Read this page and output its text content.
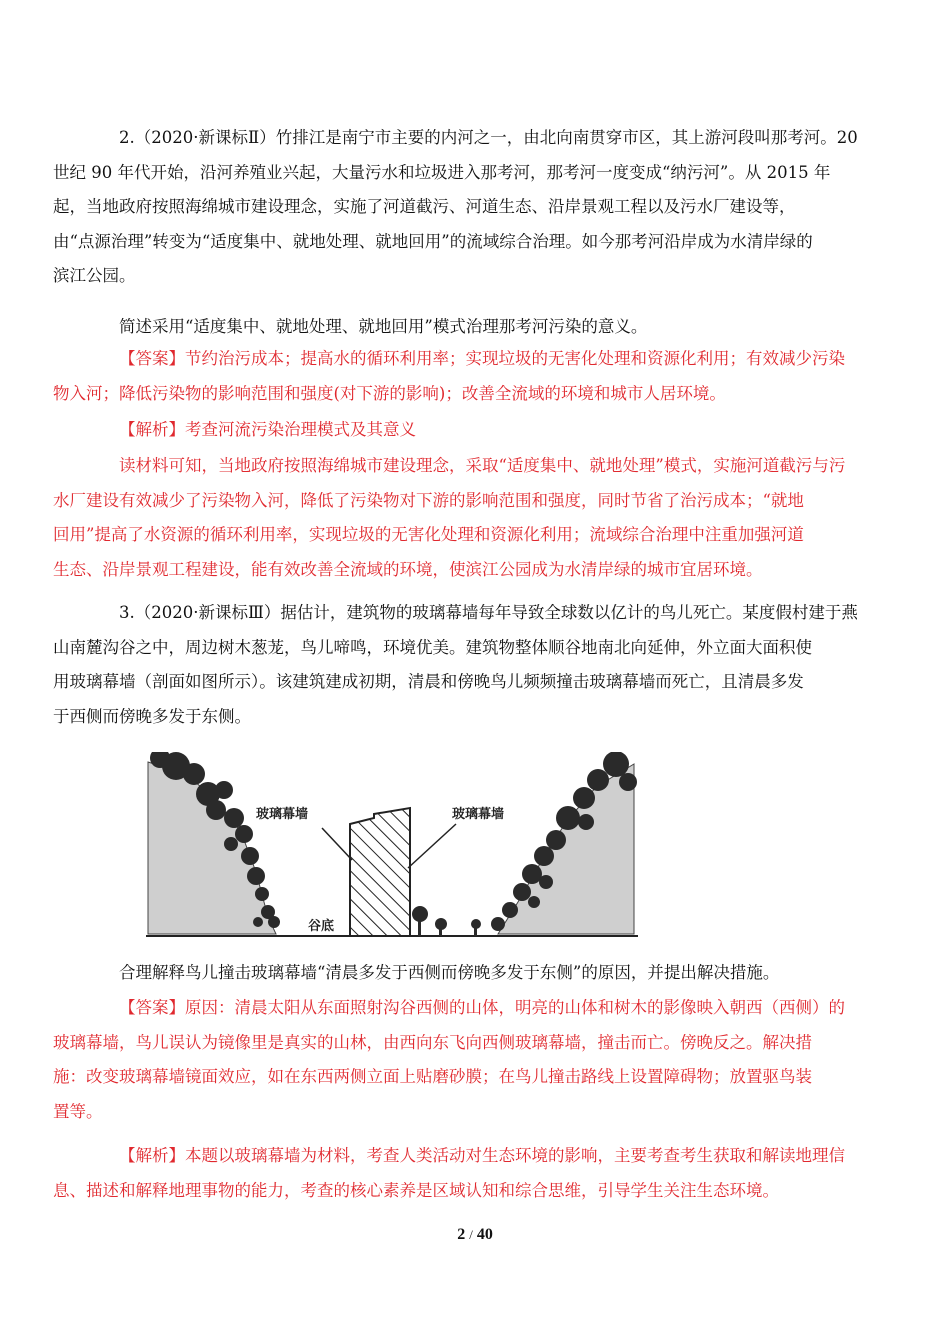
2.（2020·新课标Ⅱ）竹排江是南宁市主要的内河之一，由北向南贯穿市区，其上游河段叫那考河。20
世纪 90 年代开始，沿河养殖业兴起，大量污水和垃圾进入那考河，那考河一度变成“纳污河”。从 2015 年
起，当地政府按照海绵城市建设理念，实施了河道截污、河道生态、沿岸景观工程以及污水厂建设等，
由“点源治理”转变为“适度集中、就地处理、就地回用”的流域综合治理。如今那考河沿岸成为水清岸绿的
滨江公园。
简述采用“适度集中、就地处理、就地回用”模式治理那考河污染的意义。
【答案】节约治污成本；提高水的循环利用率；实现垃圾的无害化处理和资源化利用；有效减少污染
物入河；降低污染物的影响范围和强度(对下游的影响)；改善全流域的环境和城市人居环境。
【解析】考查河流污染治理模式及其意义
读材料可知，当地政府按照海绵城市建设理念，采取“适度集中、就地处理”模式，实施河道截污与污
水厂建设有效减少了污染物入河，降低了污染物对下游的影响范围和强度，同时节省了治污成本；“就地
回用”提高了水资源的循环利用率，实现垃圾的无害化处理和资源化利用；流域综合治理中注重加强河道
生态、沿岸景观工程建设，能有效改善全流域的环境，使滨江公园成为水清岸绿的城市宜居环境。
3.（2020·新课标Ⅲ）据估计，建筑物的玻璃幕墙每年导致全球数以亿计的鸟儿死亡。某度假村建于燕
山南麓沟谷之中，周边树木葱茏，鸟儿啼鸣，环境优美。建筑物整体顺谷地南北向延伸，外立面大面积使
用玻璃幕墙（剖面如图所示）。该建筑建成初期，清晨和傍晚鸟儿频频撞击玻璃幕墙而死亡，且清晨多发
于西侧而傍晚多发于东侧。
玻璃幕墙	玻璃幕墙
谷底
合理解释鸟儿撞击玻璃幕墙“清晨多发于西侧而傍晚多发于东侧”的原因，并提出解决措施。
【答案】原因：清晨太阳从东面照射沟谷西侧的山体，明亮的山体和树木的影像映入朝西（西侧）的
玻璃幕墙，鸟儿误认为镜像里是真实的山林，由西向东飞向西侧玻璃幕墙，撞击而亡。傍晚反之。解决措
施：改变玻璃幕墙镜面效应，如在东西两侧立面上贴磨砂膜；在鸟儿撞击路线上设置障碍物；放置驱鸟装
置等。
【解析】本题以玻璃幕墙为材料，考查人类活动对生态环境的影响，主要考查考生获取和解读地理信
息、描述和解释地理事物的能力，考查的核心素养是区域认知和综合思维，引导学生关注生态环境。
2 / 40
